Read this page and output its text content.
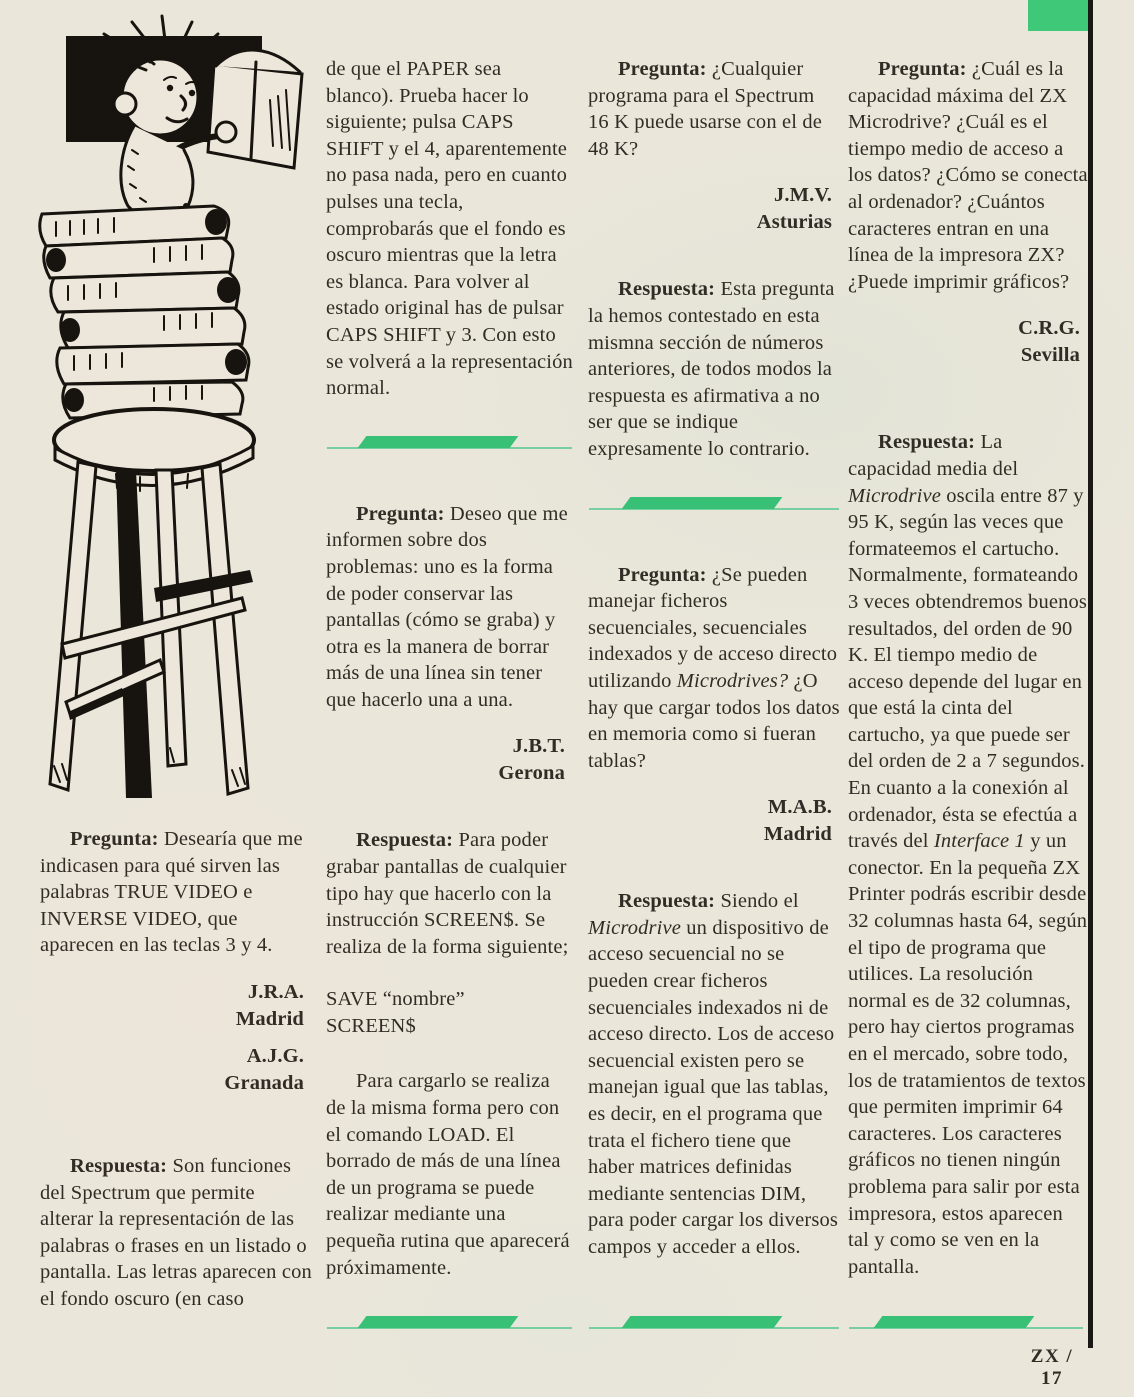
Pregunta: Desearía que me indicasen para qué sirven las palabras TRUE VIDEO e INVERSE VIDEO, que aparecen en las teclas 3 y 4.

J.R.A.
Madrid
A.J.G.
Granada

Respuesta: Son funciones del Spectrum que permite alterar la representación de las palabras o frases en un listado o pantalla. Las letras aparecen con el fondo oscuro (en caso

de que el PAPER sea blanco). Prueba hacer lo siguiente; pulsa CAPS SHIFT y el 4, aparentemente no pasa nada, pero en cuanto pulses una tecla, comprobarás que el fondo es oscuro mientras que la letra es blanca. Para volver al estado original has de pulsar CAPS SHIFT y 3. Con esto se volverá a la representación normal.

Pregunta: Deseo que me informen sobre dos problemas: uno es la forma de poder conservar las pantallas (cómo se graba) y otra es la manera de borrar más de una línea sin tener que hacerlo una a una.

J.B.T.
Gerona

Respuesta: Para poder grabar pantallas de cualquier tipo hay que hacerlo con la instrucción SCREEN$. Se realiza de la forma siguiente;

SAVE “nombre”
SCREEN$

Para cargarlo se realiza de la misma forma pero con el comando LOAD. El borrado de más de una línea de un programa se puede realizar mediante una pequeña rutina que aparecerá próximamente.

Pregunta: ¿Cualquier programa para el Spectrum 16 K puede usarse con el de 48 K?

J.M.V.
Asturias

Respuesta: Esta pregunta la hemos contestado en esta mismna sección de números anteriores, de todos modos la respuesta es afirmativa a no ser que se indique expresamente lo contrario.

Pregunta: ¿Se pueden manejar ficheros secuenciales, secuenciales indexados y de acceso directo utilizando Microdrives? ¿O hay que cargar todos los datos en memoria como si fueran tablas?

M.A.B.
Madrid

Respuesta: Siendo el Microdrive un dispositivo de acceso secuencial no se pueden crear ficheros secuenciales indexados ni de acceso directo. Los de acceso secuencial existen pero se manejan igual que las tablas, es decir, en el programa que trata el fichero tiene que haber matrices definidas mediante sentencias DIM, para poder cargar los diversos campos y acceder a ellos.

Pregunta: ¿Cuál es la capacidad máxima del ZX Microdrive? ¿Cuál es el tiempo medio de acceso a los datos? ¿Cómo se conecta al ordenador? ¿Cuántos caracteres entran en una línea de la impresora ZX? ¿Puede imprimir gráficos?

C.R.G.
Sevilla

Respuesta: La capacidad media del Microdrive oscila entre 87 y 95 K, según las veces que formateemos el cartucho. Normalmente, formateando 3 veces obtendremos buenos resultados, del orden de 90 K. El tiempo medio de acceso depende del lugar en que está la cinta del cartucho, ya que puede ser del orden de 2 a 7 segundos. En cuanto a la conexión al ordenador, ésta se efectúa a través del Interface 1 y un conector. En la pequeña ZX Printer podrás escribir desde 32 columnas hasta 64, según el tipo de programa que utilices. La resolución normal es de 32 columnas, pero hay ciertos programas en el mercado, sobre todo, los de tratamientos de textos que permiten imprimir 64 caracteres. Los caracteres gráficos no tienen ningún problema para salir por esta impresora, estos aparecen tal y como se ven en la pantalla.

ZX / 17
